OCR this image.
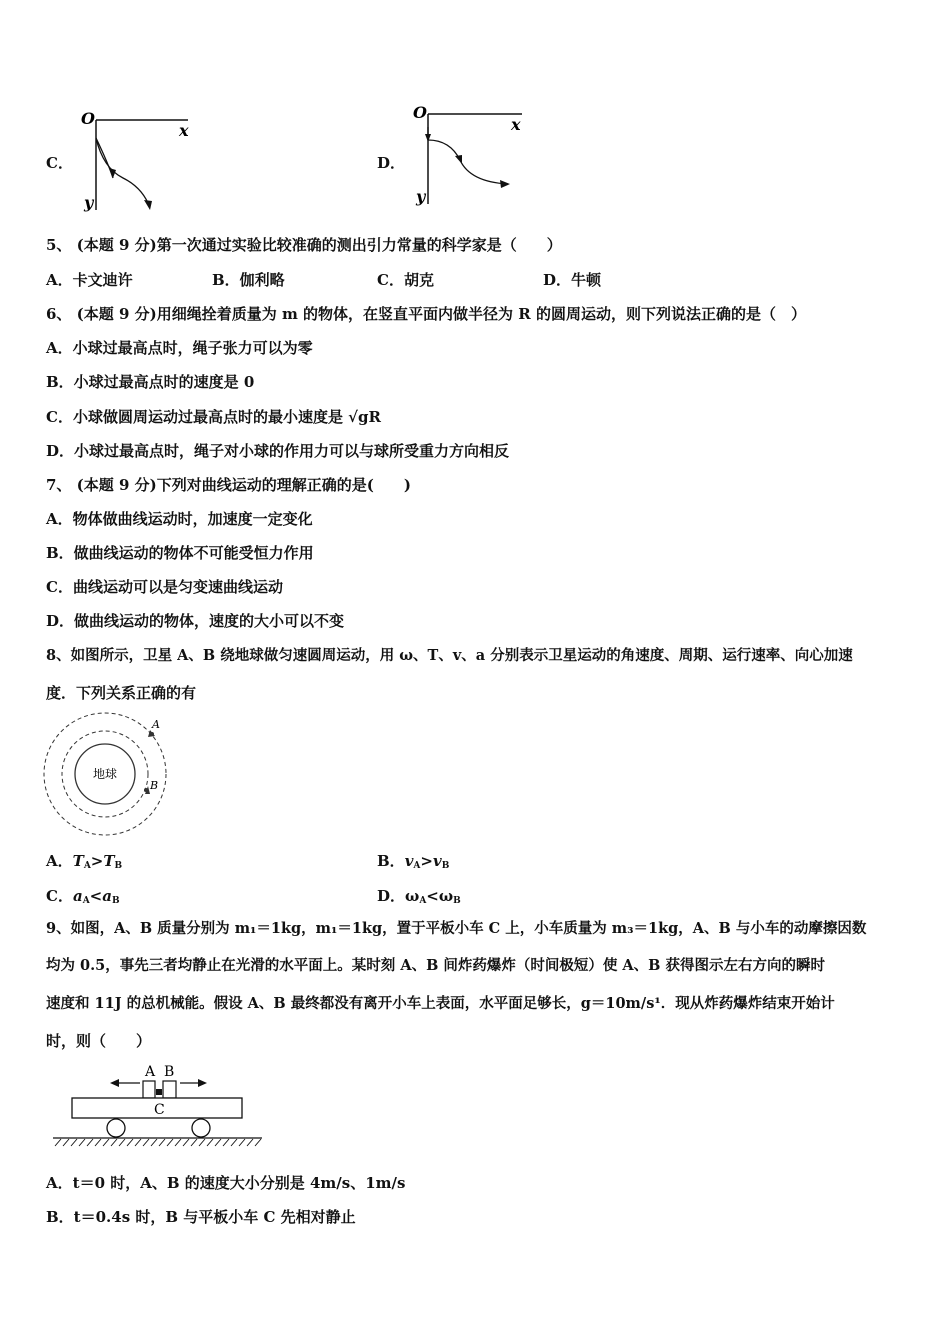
C．
O
x
y
D．
O
x
y
5、 (本题 9 分)第一次通过实验比较准确的测出引力常量的科学家是（　　）
A．卡文迪许	B．伽利略	C．胡克	D．牛顿
6、 (本题 9 分)用细绳拴着质量为 m 的物体，在竖直平面内做半径为 R 的圆周运动，则下列说法正确的是（　）
A．小球过最高点时，绳子张力可以为零
B．小球过最高点时的速度是 0
C．小球做圆周运动过最高点时的最小速度是 √gR
D．小球过最高点时，绳子对小球的作用力可以与球所受重力方向相反
7、 (本题 9 分)下列对曲线运动的理解正确的是(　　)
A．物体做曲线运动时，加速度一定变化
B．做曲线运动的物体不可能受恒力作用
C．曲线运动可以是匀变速曲线运动
D．做曲线运动的物体，速度的大小可以不变
8、如图所示，卫星 A、B 绕地球做匀速圆周运动，用 ω、T、v、a 分别表示卫星运动的角速度、周期、运行速率、向心加速
度．下列关系正确的有
地球
A
B
A．$T_A>T_B$	B．$v_A>v_B$
C．$a_A<a_B$	D．$\omega_A<\omega_B$
9、如图，A、B 质量分别为 m₁＝1kg，m₁＝1kg，置于平板小车 C 上，小车质量为 m₃＝1kg，A、B 与小车的动摩擦因数
均为 0.5，事先三者均静止在光滑的水平面上。某时刻 A、B 间炸药爆炸（时间极短）使 A、B 获得图示左右方向的瞬时
速度和 11J 的总机械能。假设 A、B 最终都没有离开小车上表面，水平面足够长，g＝10m/s¹．现从炸药爆炸结束开始计
时，则（　　）
A B
C
A．t＝0 时，A、B 的速度大小分别是 4m/s、1m/s
B．t＝0.4s 时，B 与平板小车 C 先相对静止
